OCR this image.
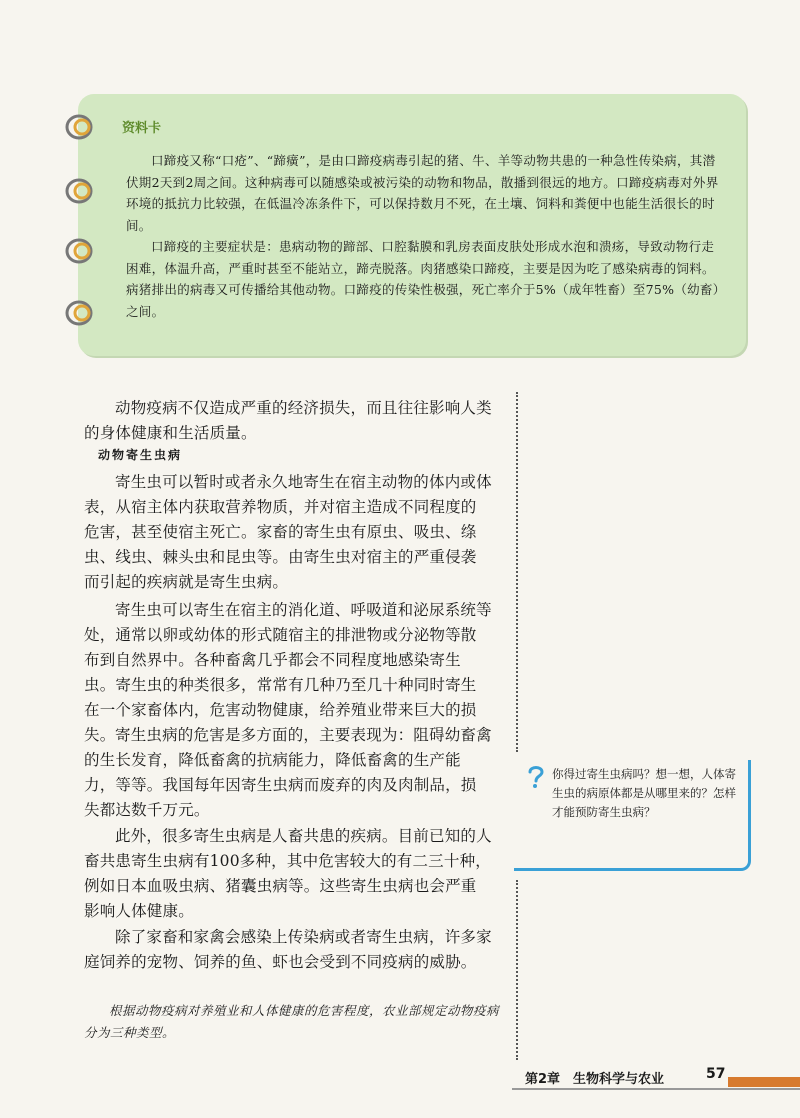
资料卡

口蹄疫又称“口疮”、“蹄癀”，是由口蹄疫病毒引起的猪、牛、羊等动物共患的一种急性传染病，其潜伏期2天到2周之间。这种病毒可以随感染或被污染的动物和物品，散播到很远的地方。口蹄疫病毒对外界环境的抵抗力比较强，在低温冷冻条件下，可以保持数月不死，在土壤、饲料和粪便中也能生活很长的时间。

口蹄疫的主要症状是：患病动物的蹄部、口腔黏膜和乳房表面皮肤处形成水泡和溃疡，导致动物行走困难，体温升高，严重时甚至不能站立，蹄壳脱落。肉猪感染口蹄疫，主要是因为吃了感染病毒的饲料。病猪排出的病毒又可传播给其他动物。口蹄疫的传染性极强，死亡率介于5%（成年牲畜）至75%（幼畜）之间。

动物疫病不仅造成严重的经济损失，而且往往影响人类的身体健康和生活质量。

动物寄生虫病

寄生虫可以暂时或者永久地寄生在宿主动物的体内或体表，从宿主体内获取营养物质，并对宿主造成不同程度的危害，甚至使宿主死亡。家畜的寄生虫有原虫、吸虫、绦虫、线虫、棘头虫和昆虫等。由寄生虫对宿主的严重侵袭而引起的疾病就是寄生虫病。

寄生虫可以寄生在宿主的消化道、呼吸道和泌尿系统等处，通常以卵或幼体的形式随宿主的排泄物或分泌物等散布到自然界中。各种畜禽几乎都会不同程度地感染寄生虫。寄生虫的种类很多，常常有几种乃至几十种同时寄生在一个家畜体内，危害动物健康，给养殖业带来巨大的损失。 寄生虫病的危害是多方面的，主要表现为：阻碍幼畜禽的生长发育，降低畜禽的抗病能力，降低畜禽的生产能力，等等。我国每年因寄生虫病而废弃的肉及肉制品，损失都达数千万元。

此外，很多寄生虫病是人畜共患的疾病。目前已知的人畜共患寄生虫病有100多种，其中危害较大的有二三十种，例如日本血吸虫病、猪囊虫病等。这些寄生虫病也会严重影响人体健康。

除了家畜和家禽会感染上传染病或者寄生虫病，许多家庭饲养的宠物、饲养的鱼、虾也会受到不同疫病的威胁。

根据动物疫病对养殖业和人体健康的危害程度，农业部规定动物疫病分为三种类型。

你得过寄生虫病吗？想一想，人体寄生虫的病原体都是从哪里来的？怎样才能预防寄生虫病？

第2章　生物科学与农业	57
